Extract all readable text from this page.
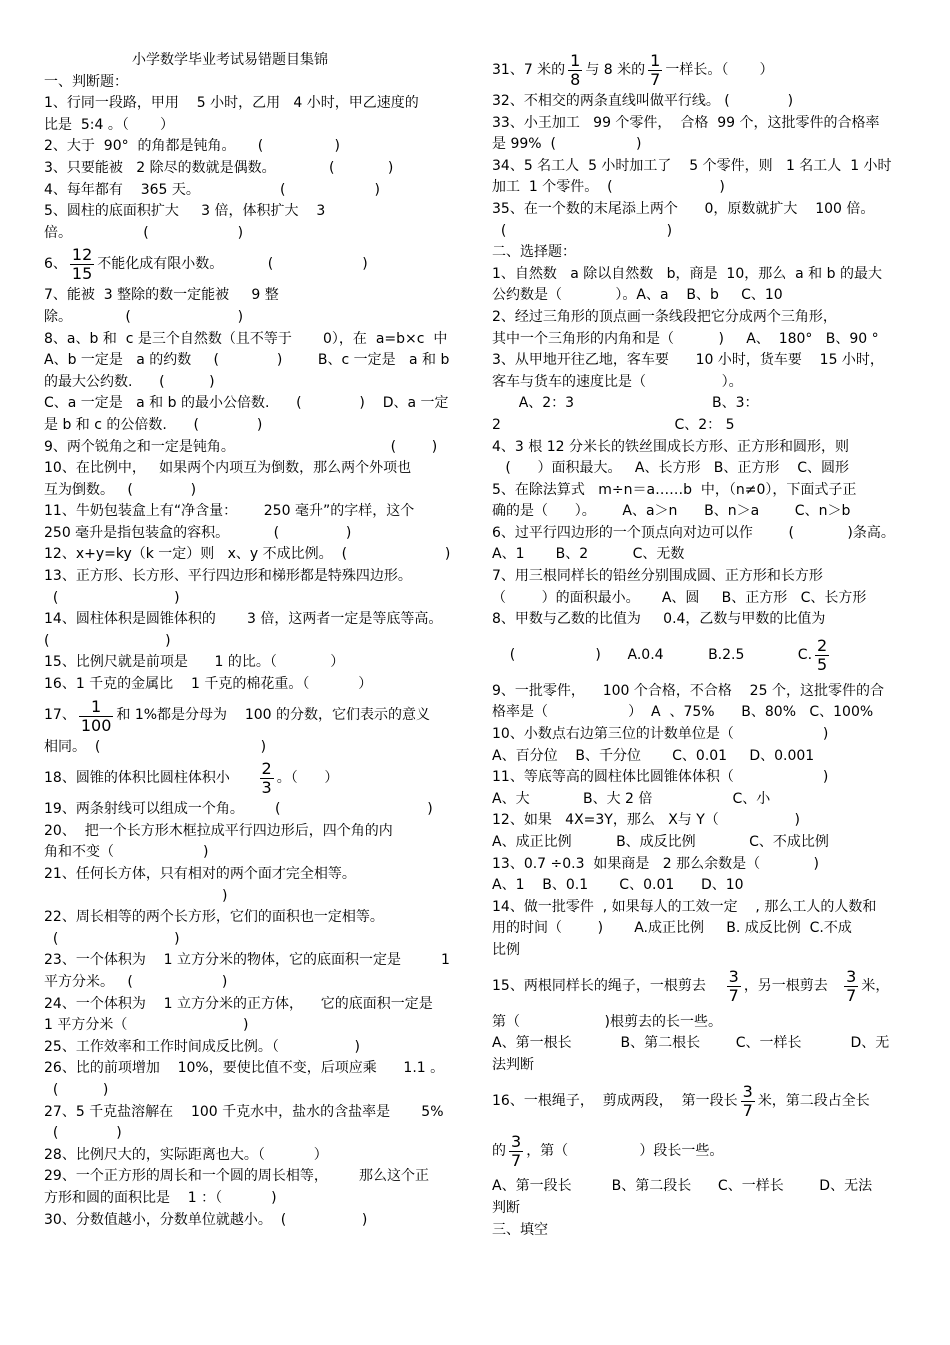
小学数学毕业考试易错题目集锦
一、判断题：
1、行同一段路，甲用    5 小时，乙用   4 小时，甲乙速度的
比是  5:4 。（       ）
2、大于  90°  的角都是钝角。     (                )
3、只要能被   2 除尽的数就是偶数。            (            )
4、每年都有    365 天。                  (                    )
5、圆柱的底面积扩大     3 倍，体积扩大    3
倍。                (                    )
6、 $\frac{12}{15}$ 不能化成有限小数。          (                    )
7、能被  3 整除的数一定能被     9 整
除。            (                        )
8、a、b 和  c 是三个自然数（且不等于       0），在  a=b×c  中
A、b 一定是   a 的约数     (             )        B、c 一定是   a 和 b
的最大公约数.      (          )
C、a 一定是   a 和 b 的最小公倍数.      (             )    D、a 一定
是 b 和 c 的公倍数.      (             )
9、两个锐角之和一定是钝角。                                   (        )
10、在比例中，   如果两个内项互为倒数，那么两个外项也
互为倒数。   (             )
11、牛奶包装盒上有“净含量：      250 毫升”的字样，这个
250 毫升是指包装盒的容积。          (               )
12、x+y=ky（k 一定）则   x、y 不成比例。  (                      )
13、正方形、长方形、平行四边形和梯形都是特殊四边形。
(                          )
14、圆柱体积是圆锥体积的       3 倍，这两者一定是等底等高。
(                          )
15、比例尺就是前项是      1 的比。（            ）
16、1 千克的金属比    1 千克的棉花重。（           ）
17、 $\frac{1}{100}$ 和 1%都是分母为    100 的分数，它们表示的意义
相同。  (                                    )
18、圆锥的体积比圆柱体积小 $\frac{2}{3}$ 。（      ）
19、两条射线可以组成一个角。       (                                 )
20、  把一个长方形木框拉成平行四边形后，四个角的内
角和不变（                    )
21、任何长方体，只有相对的两个面才完全相等。
)
22、周长相等的两个长方形，它们的面积也一定相等。
(                          )
23、一个体积为    1 立方分米的物体，它的底面积一定是         1
平方分米。   (                    )
24、一个体积为    1 立方分米的正方体，    它的底面积一定是
1 平方分米（                          )
25、工作效率和工作时间成反比例。（                 )
26、比的前项增加    10%，要使比值不变，后项应乘      1.1 。
(          )
27、5 千克盐溶解在    100 千克水中，盐水的含盐率是       5%
(             )
28、比例尺大的，实际距离也大。（           ）
29、一个正方形的周长和一个圆的周长相等，       那么这个正
方形和圆的面积比是    1 ：（           )
30、分数值越小，分数单位就越小。  (                 )
31、7 米的 $\frac{1}{8}$ 与 8 米的 $\frac{1}{7}$ 一样长。（       ）
32、不相交的两条直线叫做平行线。 (             )
33、小王加工   99 个零件，  合格  99 个，这批零件的合格率
是 99%  (                  )
34、5 名工人  5 小时加工了    5 个零件，则   1 名工人  1 小时
加工  1 个零件。  (                        )
35、在一个数的末尾添上两个      0，原数就扩大    100 倍。
(                                    )
二、选择题：
1、自然数   a 除以自然数   b，商是  10，那么  a 和 b 的最大
公约数是（            ）。A、a    B、b     C、10
2、经过三角形的顶点画一条线段把它分成两个三角形，
其中一个三角形的内角和是（          )     A、  180°   B、90 °
3、从甲地开往乙地，客车要      10 小时，货车要    15 小时，
客车与货车的速度比是（                 ）。
A、2：3                               B、3：
2                                       C、2： 5
4、3 根 12 分米长的铁丝围成长方形、正方形和圆形，则
(      ）面积最大。   A、长方形   B、正方形    C、圆形
5、在除法算式   m÷n＝a……b  中，（n≠0），下面式子正
确的是（      ）。      A、a＞n      B、n＞a        C、n＞b
6、过平行四边形的一个顶点向对边可以作        (            )条高。
A、1       B、2          C、无数
7、用三根同样长的铅丝分别围成圆、正方形和长方形
（        ）的面积最小。     A、圆     B、正方形   C、长方形
8、甲数与乙数的比值为     0.4，乙数与甲数的比值为
(                  )      A.0.4          B.2.5            C. $\frac{2}{5}$
9、一批零件，    100 个合格，不合格    25 个，这批零件的合
格率是（                  ）  A  、75%      B、80%   C、100%
10、小数点右边第三位的计数单位是（                    )
A、百分位    B、千分位       C、0.01     D、0.001
11、等底等高的圆柱体比圆锥体体积（                    )
A、大            B、大 2 倍                  C、小
12、如果   4X=3Y，那么   X与 Y（                 )
A、成正比例          B、成反比例            C、不成比例
13、0.7 ÷0.3  如果商是   2 那么余数是（            )
A、1    B、0.1       C、0.01      D、10
14、做一批零件  , 如果每人的工效一定    , 那么工人的人数和
用的时间（        )       A.成正比例     B. 成反比例  C.不成
比例
15、两根同样长的绳子，一根剪去 $\frac{3}{7}$ ，另一根剪去 $\frac{3}{7}$ 米，
第（                   )根剪去的长一些。
A、第一根长           B、第二根长        C、一样长           D、无
法判断
16、一根绳子，  剪成两段，  第一段长 $\frac{3}{7}$ 米，第二段占全长
的 $\frac{3}{7}$ ，第（                ）段长一些。
A、第一段长         B、第二段长      C、一样长        D、无法
判断
三、填空
